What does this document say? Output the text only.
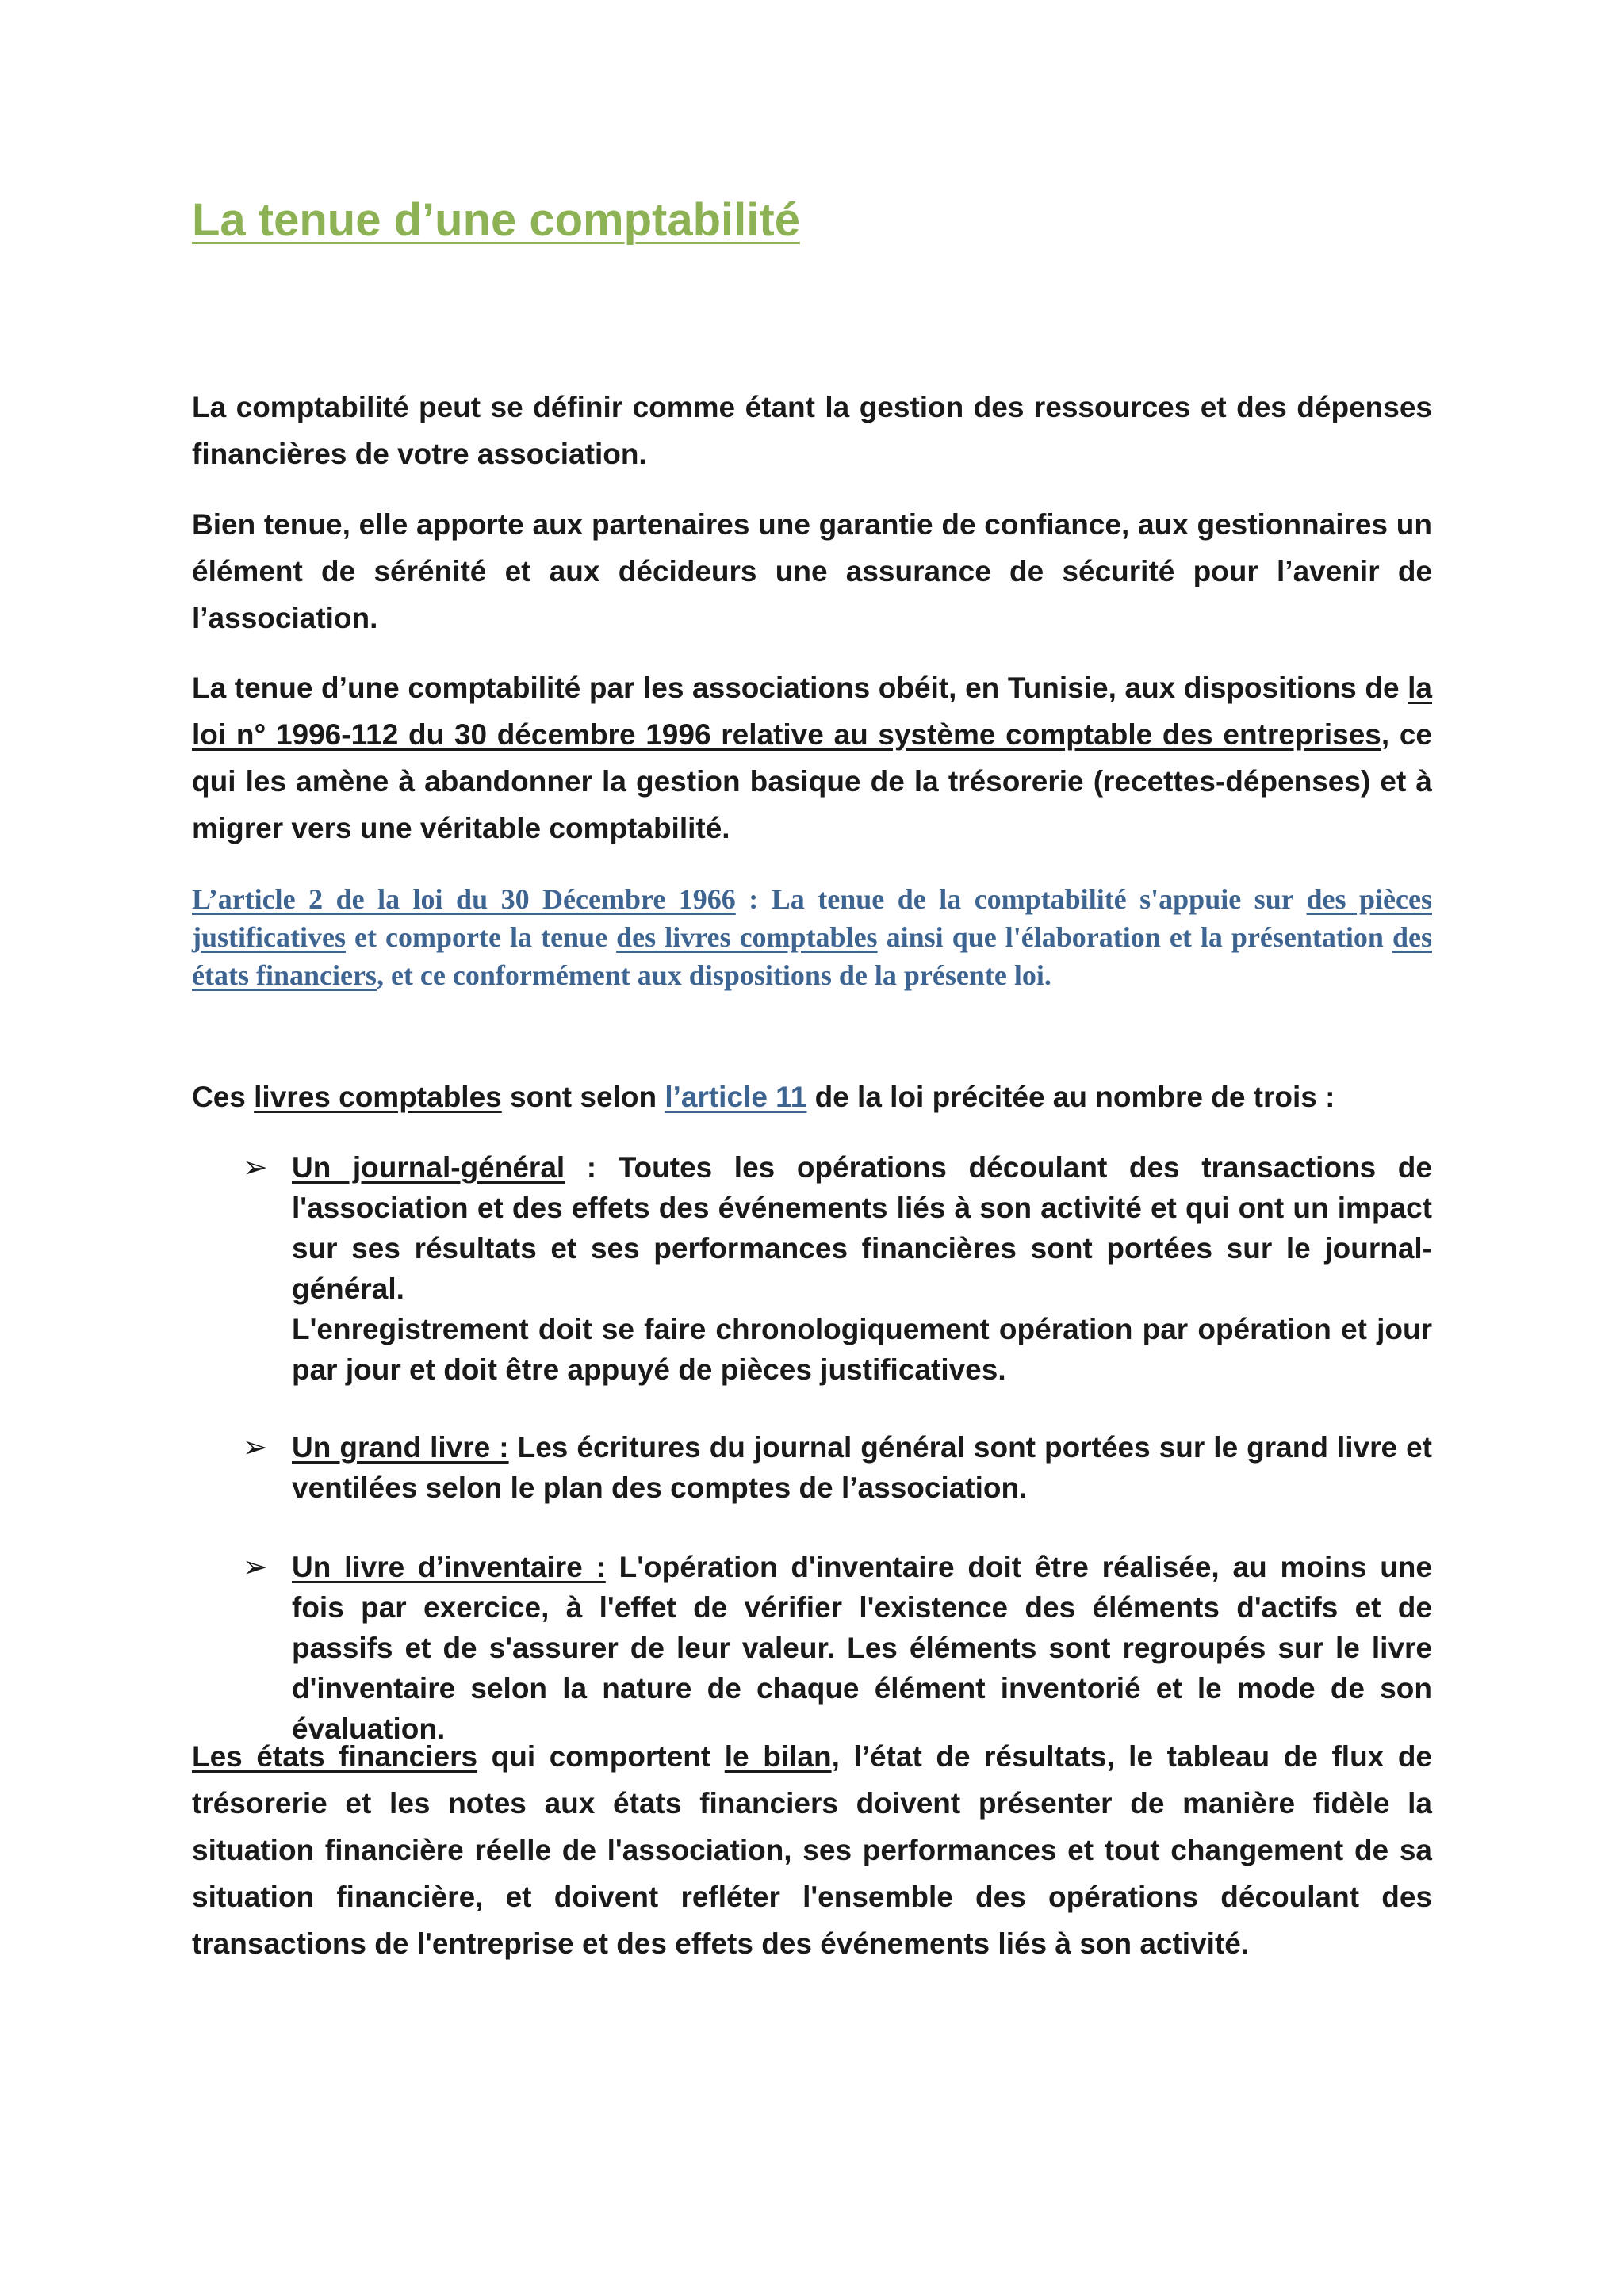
La tenue d’une comptabilité

La comptabilité peut se définir comme étant la gestion des ressources et des dépenses financières de votre association.

Bien tenue, elle apporte aux partenaires une garantie de confiance, aux gestionnaires un élément de sérénité et aux décideurs une assurance de sécurité pour l’avenir de l’association.

La tenue d’une comptabilité par les associations obéit, en Tunisie, aux dispositions de la loi n° 1996-112 du 30 décembre 1996 relative au système comptable des entreprises, ce qui les amène à abandonner la gestion basique de la trésorerie (recettes-dépenses) et à migrer vers une véritable comptabilité.

L’article 2 de la loi du 30 Décembre 1966 : La tenue de la comptabilité s'appuie sur des pièces justificatives et comporte la tenue des livres comptables ainsi que l'élaboration et la présentation des états financiers, et ce conformément aux dispositions de la présente loi.

Ces livres comptables sont selon l’article 11 de la loi précitée au nombre de trois :

➢ Un journal-général : Toutes les opérations découlant des transactions de l'association et des effets des événements liés à son activité et qui ont un impact sur ses résultats et ses performances financières sont portées sur le journal-général.
L'enregistrement doit se faire chronologiquement opération par opération et jour par jour et doit être appuyé de pièces justificatives.

➢ Un grand livre : Les écritures du journal général sont portées sur le grand livre et ventilées selon le plan des comptes de l’association.

➢ Un livre d’inventaire : L'opération d'inventaire doit être réalisée, au moins une fois par exercice, à l'effet de vérifier l'existence des éléments d'actifs et de passifs et de s'assurer de leur valeur. Les éléments sont regroupés sur le livre d'inventaire selon la nature de chaque élément inventorié et le mode de son évaluation.

Les états financiers qui comportent le bilan, l’état de résultats, le tableau de flux de trésorerie et les notes aux états financiers doivent présenter de manière fidèle la situation financière réelle de l'association, ses performances et tout changement de sa situation financière, et doivent refléter l'ensemble des opérations découlant des transactions de l'entreprise et des effets des événements liés à son activité.
